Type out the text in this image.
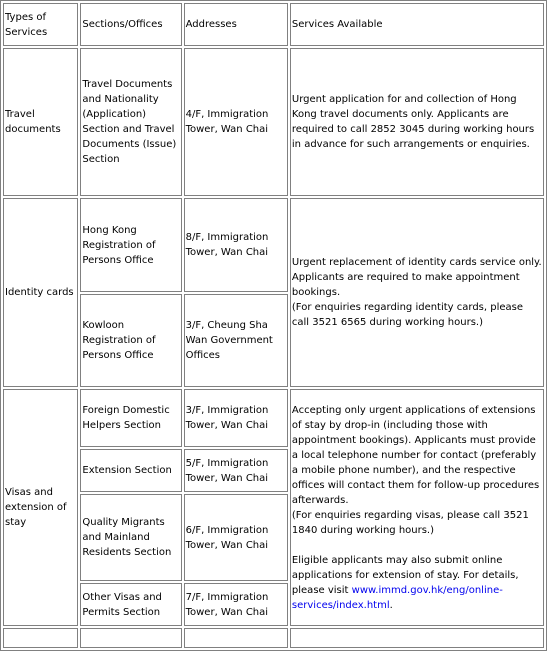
Types of Services	Sections/Offices	Addresses	Services Available
Travel documents	Travel Documents and Nationality (Application) Section and Travel Documents (Issue) Section	4/F, Immigration Tower, Wan Chai	Urgent application for and collection of Hong Kong travel documents only. Applicants are required to call 2852 3045 during working hours in advance for such arrangements or enquiries.
Identity cards	Hong Kong Registration of Persons Office	8/F, Immigration Tower, Wan Chai	Urgent replacement of identity cards service only. Applicants are required to make appointment bookings.
(For enquiries regarding identity cards, please call 3521 6565 during working hours.)
	Kowloon Registration of Persons Office	3/F, Cheung Sha Wan Government Offices	
Visas and extension of stay	Foreign Domestic Helpers Section	3/F, Immigration Tower, Wan Chai	Accepting only urgent applications of extensions of stay by drop-in (including those with appointment bookings). Applicants must provide a local telephone number for contact (preferably a mobile phone number), and the respective offices will contact them for follow-up procedures afterwards.
(For enquiries regarding visas, please call 3521 1840 during working hours.)

Eligible applicants may also submit online applications for extension of stay. For details, please visit www.immd.gov.hk/eng/online-services/index.html.
	Extension Section	5/F, Immigration Tower, Wan Chai	
	Quality Migrants and Mainland Residents Section	6/F, Immigration Tower, Wan Chai	
	Other Visas and Permits Section	7/F, Immigration Tower, Wan Chai	
